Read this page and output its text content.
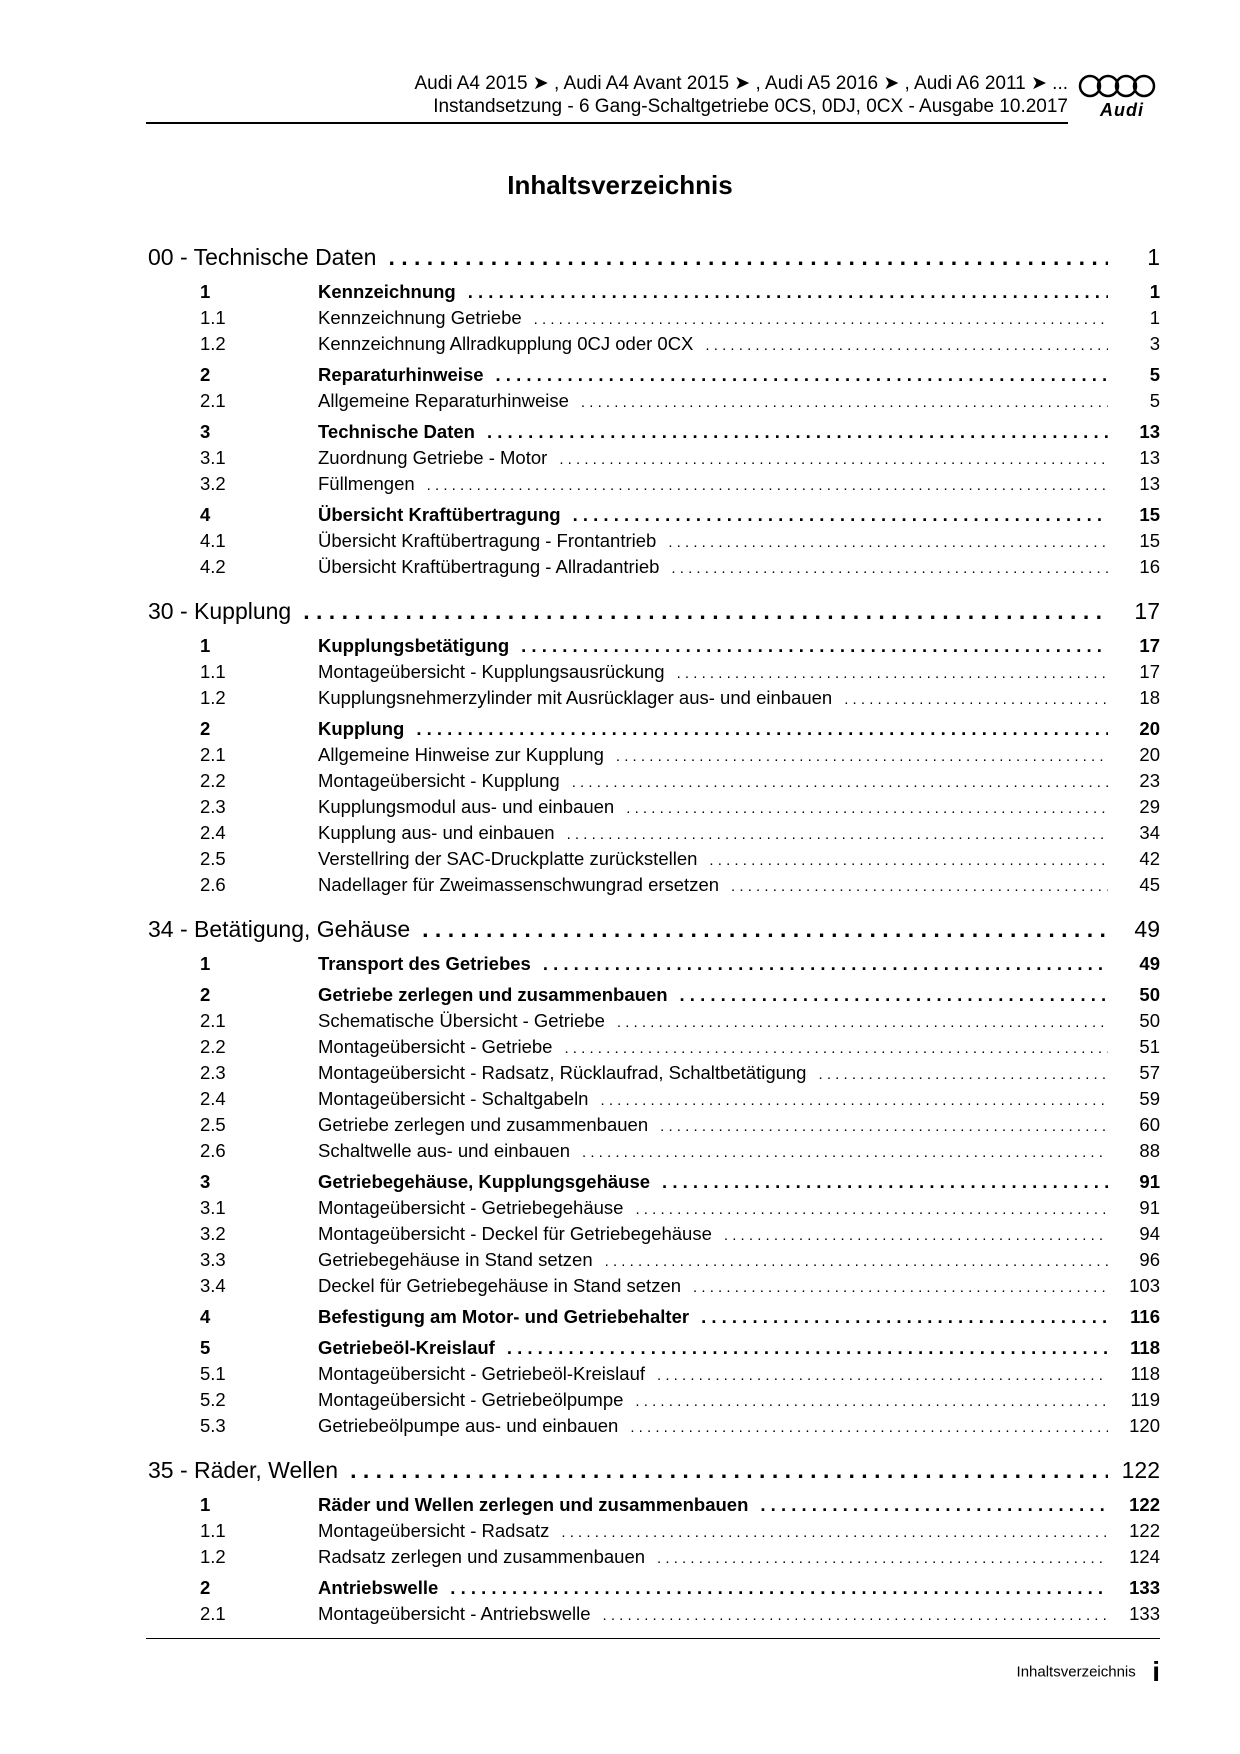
Audi A4 2015 ➤ , Audi A4 Avant 2015 ➤ , Audi A5 2016 ➤ , Audi A6 2011 ➤ ...
Instandsetzung - 6 Gang-Schaltgetriebe 0CS, 0DJ, 0CX - Ausgabe 10.2017 Audi
Inhaltsverzeichnis
00 - Technische Daten . . .	1
1	Kennzeichnung . . .	1
1.1	Kennzeichnung Getriebe . . .	1
1.2	Kennzeichnung Allradkupplung 0CJ oder 0CX . . .	3
2	Reparaturhinweise . . .	5
2.1	Allgemeine Reparaturhinweise . . .	5
3	Technische Daten . . .	13
3.1	Zuordnung Getriebe - Motor . . .	13
3.2	Füllmengen . . .	13
4	Übersicht Kraftübertragung . . .	15
4.1	Übersicht Kraftübertragung - Frontantrieb . . .	15
4.2	Übersicht Kraftübertragung - Allradantrieb . . .	16
30 - Kupplung . . .	17
1	Kupplungsbetätigung . . .	17
1.1	Montageübersicht - Kupplungsausrückung . . .	17
1.2	Kupplungsnehmerzylinder mit Ausrücklager aus- und einbauen . . .	18
2	Kupplung . . .	20
2.1	Allgemeine Hinweise zur Kupplung . . .	20
2.2	Montageübersicht - Kupplung . . .	23
2.3	Kupplungsmodul aus- und einbauen . . .	29
2.4	Kupplung aus- und einbauen . . .	34
2.5	Verstellring der SAC-Druckplatte zurückstellen . . .	42
2.6	Nadellager für Zweimassenschwungrad ersetzen . . .	45
34 - Betätigung, Gehäuse . . .	49
1	Transport des Getriebes . . .	49
2	Getriebe zerlegen und zusammenbauen . . .	50
2.1	Schematische Übersicht - Getriebe . . .	50
2.2	Montageübersicht - Getriebe . . .	51
2.3	Montageübersicht - Radsatz, Rücklaufrad, Schaltbetätigung . . .	57
2.4	Montageübersicht - Schaltgabeln . . .	59
2.5	Getriebe zerlegen und zusammenbauen . . .	60
2.6	Schaltwelle aus- und einbauen . . .	88
3	Getriebegehäuse, Kupplungsgehäuse . . .	91
3.1	Montageübersicht - Getriebegehäuse . . .	91
3.2	Montageübersicht - Deckel für Getriebegehäuse . . .	94
3.3	Getriebegehäuse in Stand setzen . . .	96
3.4	Deckel für Getriebegehäuse in Stand setzen . . .	103
4	Befestigung am Motor- und Getriebehalter . . .	116
5	Getriebeöl-Kreislauf . . .	118
5.1	Montageübersicht - Getriebeöl-Kreislauf . . .	118
5.2	Montageübersicht - Getriebeölpumpe . . .	119
5.3	Getriebeölpumpe aus- und einbauen . . .	120
35 - Räder, Wellen . . .	122
1	Räder und Wellen zerlegen und zusammenbauen . . .	122
1.1	Montageübersicht - Radsatz . . .	122
1.2	Radsatz zerlegen und zusammenbauen . . .	124
2	Antriebswelle . . .	133
2.1	Montageübersicht - Antriebswelle . . .	133
Inhaltsverzeichnis i
